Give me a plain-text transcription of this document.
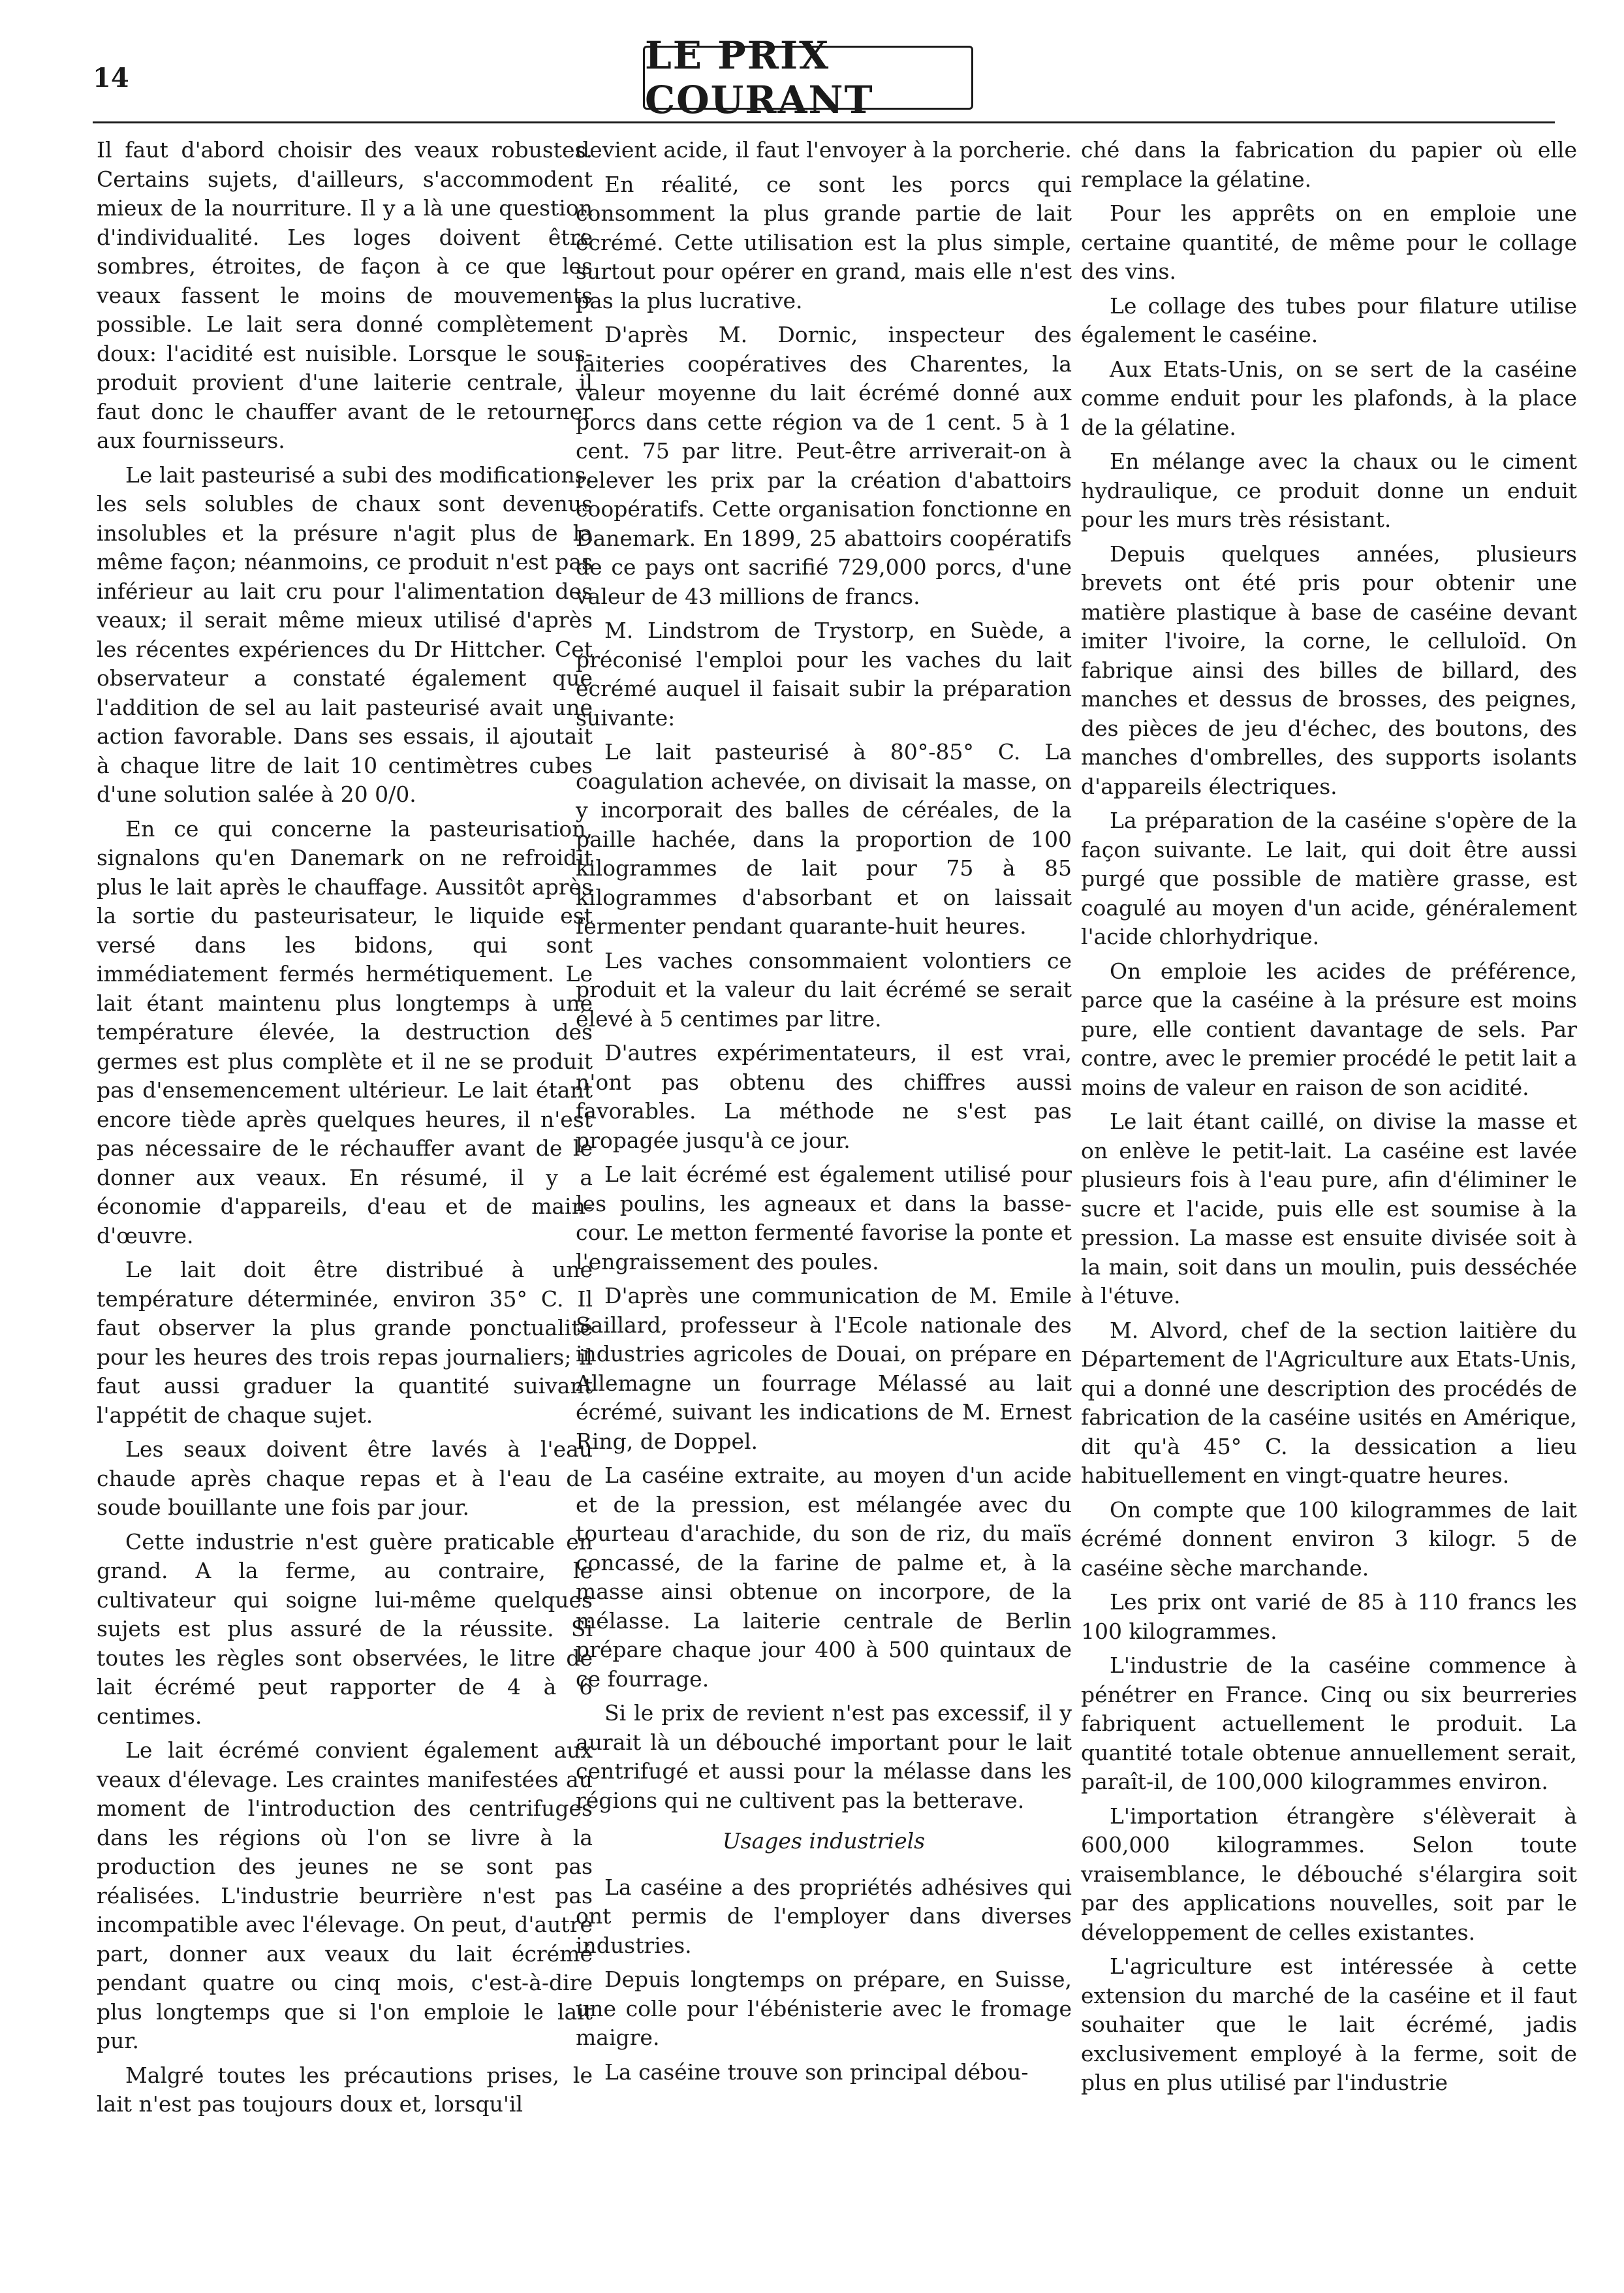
14
LE PRIX COURANT

Il faut d'abord choisir des veaux robustes. Certains sujets, d'ailleurs, s'accommodent mieux de la nourriture. Il y a là une question d'individualité. Les loges doivent être sombres, étroites, de façon à ce que les veaux fassent le moins de mouvements possible. Le lait sera donné complètement doux: l'acidité est nuisible. Lorsque le sous-produit provient d'une laiterie centrale, il faut donc le chauffer avant de le retourner aux fournisseurs.

Le lait pasteurisé a subi des modifications, les sels solubles de chaux sont devenus insolubles et la présure n'agit plus de la même façon; néanmoins, ce produit n'est pas inférieur au lait cru pour l'alimentation des veaux; il serait même mieux utilisé d'après les récentes expériences du Dr Hittcher. Cet observateur a constaté également que l'addition de sel au lait pasteurisé avait une action favorable. Dans ses essais, il ajoutait à chaque litre de lait 10 centimètres cubes d'une solution salée à 20 0/0.

En ce qui concerne la pasteurisation, signalons qu'en Danemark on ne refroidit plus le lait après le chauffage. Aussitôt après la sortie du pasteurisateur, le liquide est versé dans les bidons, qui sont immédiatement fermés hermétiquement. Le lait étant maintenu plus longtemps à une température élevée, la destruction des germes est plus complète et il ne se produit pas d'ensemencement ultérieur. Le lait étant encore tiède après quelques heures, il n'est pas nécessaire de le réchauffer avant de le donner aux veaux. En résumé, il y a économie d'appareils, d'eau et de main-d'œuvre.

Le lait doit être distribué à une température déterminée, environ 35° C. Il faut observer la plus grande ponctualité pour les heures des trois repas journaliers; il faut aussi graduer la quantité suivant l'appétit de chaque sujet.

Les seaux doivent être lavés à l'eau chaude après chaque repas et à l'eau de soude bouillante une fois par jour.

Cette industrie n'est guère praticable en grand. A la ferme, au contraire, le cultivateur qui soigne lui-même quelques sujets est plus assuré de la réussite. Si toutes les règles sont observées, le litre de lait écrémé peut rapporter de 4 à 6 centimes.

Le lait écrémé convient également aux veaux d'élevage. Les craintes manifestées au moment de l'introduction des centrifuges dans les régions où l'on se livre à la production des jeunes ne se sont pas réalisées. L'industrie beurrière n'est pas incompatible avec l'élevage. On peut, d'autre part, donner aux veaux du lait écrémé pendant quatre ou cinq mois, c'est-à-dire plus longtemps que si l'on emploie le lait pur.

Malgré toutes les précautions prises, le lait n'est pas toujours doux et, lorsqu'il

devient acide, il faut l'envoyer à la porcherie.

En réalité, ce sont les porcs qui consomment la plus grande partie de lait écrémé. Cette utilisation est la plus simple, surtout pour opérer en grand, mais elle n'est pas la plus lucrative.

D'après M. Dornic, inspecteur des laiteries coopératives des Charentes, la valeur moyenne du lait écrémé donné aux porcs dans cette région va de 1 cent. 5 à 1 cent. 75 par litre. Peut-être arriverait-on à relever les prix par la création d'abattoirs coopératifs. Cette organisation fonctionne en Danemark. En 1899, 25 abattoirs coopératifs de ce pays ont sacrifié 729,000 porcs, d'une valeur de 43 millions de francs.

M. Lindstrom de Trystorp, en Suède, a préconisé l'emploi pour les vaches du lait écrémé auquel il faisait subir la préparation suivante:

Le lait pasteurisé à 80°-85° C. La coagulation achevée, on divisait la masse, on y incorporait des balles de céréales, de la paille hachée, dans la proportion de 100 kilogrammes de lait pour 75 à 85 kilogrammes d'absorbant et on laissait fermenter pendant quarante-huit heures.

Les vaches consommaient volontiers ce produit et la valeur du lait écrémé se serait élevé à 5 centimes par litre.

D'autres expérimentateurs, il est vrai, n'ont pas obtenu des chiffres aussi favorables. La méthode ne s'est pas propagée jusqu'à ce jour.

Le lait écrémé est également utilisé pour les poulins, les agneaux et dans la basse-cour. Le metton fermenté favorise la ponte et l'engraissement des poules.

D'après une communication de M. Emile Saillard, professeur à l'Ecole nationale des industries agricoles de Douai, on prépare en Allemagne un fourrage Mélassé au lait écrémé, suivant les indications de M. Ernest Ring, de Doppel.

La caséine extraite, au moyen d'un acide et de la pression, est mélangée avec du tourteau d'arachide, du son de riz, du maïs concassé, de la farine de palme et, à la masse ainsi obtenue on incorpore, de la mélasse. La laiterie centrale de Berlin prépare chaque jour 400 à 500 quintaux de ce fourrage.

Si le prix de revient n'est pas excessif, il y aurait là un débouché important pour le lait centrifugé et aussi pour la mélasse dans les régions qui ne cultivent pas la betterave.

Usages industriels

La caséine a des propriétés adhésives qui ont permis de l'employer dans diverses industries.

Depuis longtemps on prépare, en Suisse, une colle pour l'ébénisterie avec le fromage maigre.

La caséine trouve son principal débou-

ché dans la fabrication du papier où elle remplace la gélatine.

Pour les apprêts on en emploie une certaine quantité, de même pour le collage des vins.

Le collage des tubes pour filature utilise également le caséine.

Aux Etats-Unis, on se sert de la caséine comme enduit pour les plafonds, à la place de la gélatine.

En mélange avec la chaux ou le ciment hydraulique, ce produit donne un enduit pour les murs très résistant.

Depuis quelques années, plusieurs brevets ont été pris pour obtenir une matière plastique à base de caséine devant imiter l'ivoire, la corne, le celluloïd. On fabrique ainsi des billes de billard, des manches et dessus de brosses, des peignes, des pièces de jeu d'échec, des boutons, des manches d'ombrelles, des supports isolants d'appareils électriques.

La préparation de la caséine s'opère de la façon suivante. Le lait, qui doit être aussi purgé que possible de matière grasse, est coagulé au moyen d'un acide, généralement l'acide chlorhydrique.

On emploie les acides de préférence, parce que la caséine à la présure est moins pure, elle contient davantage de sels. Par contre, avec le premier procédé le petit lait a moins de valeur en raison de son acidité.

Le lait étant caillé, on divise la masse et on enlève le petit-lait. La caséine est lavée plusieurs fois à l'eau pure, afin d'éliminer le sucre et l'acide, puis elle est soumise à la pression. La masse est ensuite divisée soit à la main, soit dans un moulin, puis desséchée à l'étuve.

M. Alvord, chef de la section laitière du Département de l'Agriculture aux Etats-Unis, qui a donné une description des procédés de fabrication de la caséine usités en Amérique, dit qu'à 45° C. la dessication a lieu habituellement en vingt-quatre heures.

On compte que 100 kilogrammes de lait écrémé donnent environ 3 kilogr. 5 de caséine sèche marchande.

Les prix ont varié de 85 à 110 francs les 100 kilogrammes.

L'industrie de la caséine commence à pénétrer en France. Cinq ou six beurreries fabriquent actuellement le produit. La quantité totale obtenue annuellement serait, paraît-il, de 100,000 kilogrammes environ.

L'importation étrangère s'élèverait à 600,000 kilogrammes. Selon toute vraisemblance, le débouché s'élargira soit par des applications nouvelles, soit par le développement de celles existantes.

L'agriculture est intéressée à cette extension du marché de la caséine et il faut souhaiter que le lait écrémé, jadis exclusivement employé à la ferme, soit de plus en plus utilisé par l'industrie
